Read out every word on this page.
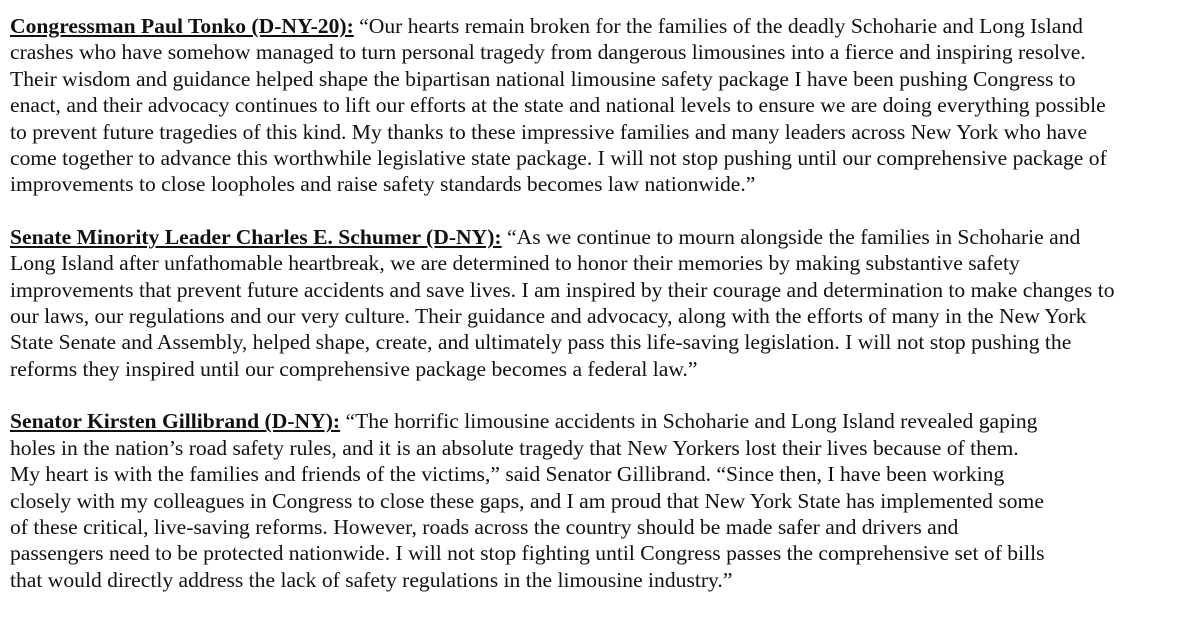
Congressman Paul Tonko (D-NY-20): “Our hearts remain broken for the families of the deadly Schoharie and Long Island
crashes who have somehow managed to turn personal tragedy from dangerous limousines into a fierce and inspiring resolve.
Their wisdom and guidance helped shape the bipartisan national limousine safety package I have been pushing Congress to
enact, and their advocacy continues to lift our efforts at the state and national levels to ensure we are doing everything possible
to prevent future tragedies of this kind. My thanks to these impressive families and many leaders across New York who have
come together to advance this worthwhile legislative state package. I will not stop pushing until our comprehensive package of
improvements to close loopholes and raise safety standards becomes law nationwide.”

Senate Minority Leader Charles E. Schumer (D-NY): “As we continue to mourn alongside the families in Schoharie and
Long Island after unfathomable heartbreak, we are determined to honor their memories by making substantive safety
improvements that prevent future accidents and save lives. I am inspired by their courage and determination to make changes to
our laws, our regulations and our very culture. Their guidance and advocacy, along with the efforts of many in the New York
State Senate and Assembly, helped shape, create, and ultimately pass this life-saving legislation. I will not stop pushing the
reforms they inspired until our comprehensive package becomes a federal law.”

Senator Kirsten Gillibrand (D-NY): “The horrific limousine accidents in Schoharie and Long Island revealed gaping
holes in the nation’s road safety rules, and it is an absolute tragedy that New Yorkers lost their lives because of them.
My heart is with the families and friends of the victims,” said Senator Gillibrand. “Since then, I have been working
closely with my colleagues in Congress to close these gaps, and I am proud that New York State has implemented some
of these critical, live-saving reforms. However, roads across the country should be made safer and drivers and
passengers need to be protected nationwide. I will not stop fighting until Congress passes the comprehensive set of bills
that would directly address the lack of safety regulations in the limousine industry.”
